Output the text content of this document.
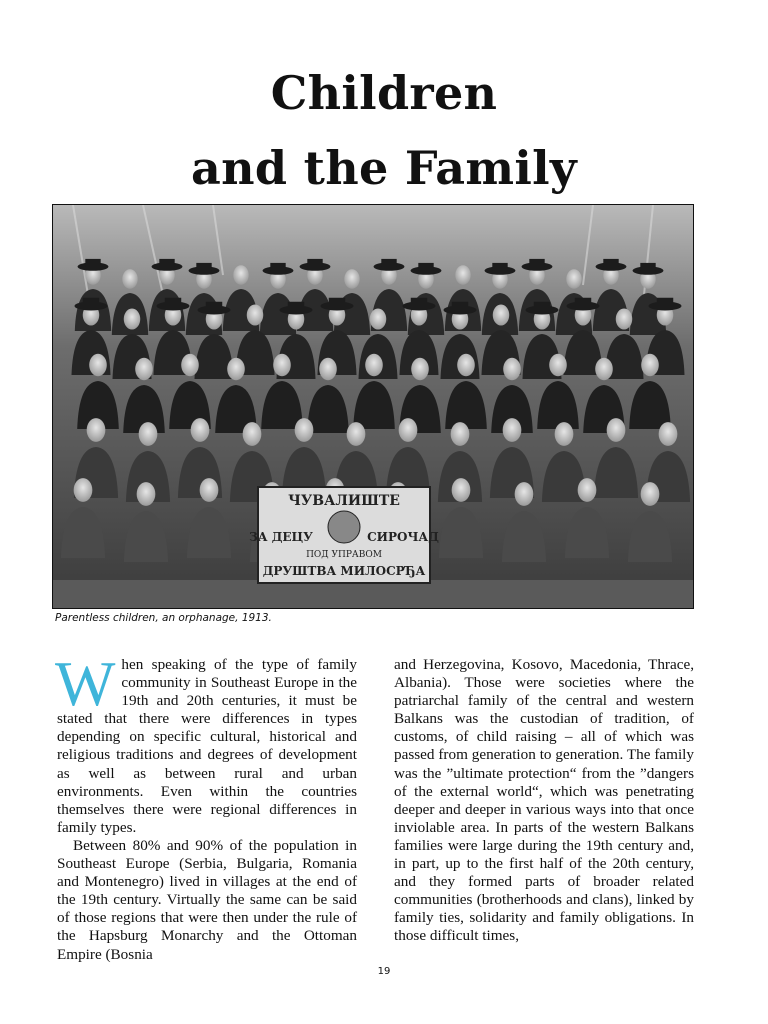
Children
and the Family
ЧУВАЛИШТЕ
ЗА ДЕЦУ	СИРОЧАД
ПОД УПРАВОМ
ДРУШТВА МИЛОСРЂА
Parentless children, an orphanage, 1913.

When speaking of the type of family community in Southeast Europe in the 19th and 20th centuries, it must be stated that there were differences in types depending on specific cultural, historical and religious traditions and degrees of development as well as between rural and urban environments. Even within the countries themselves there were regional differences in family types.

Between 80% and 90% of the population in Southeast Europe (Serbia, Bulgaria, Romania and Montenegro) lived in villages at the end of the 19th century. Virtually the same can be said of those regions that were then under the rule of the Hapsburg Monarchy and the Ottoman Empire (Bosnia

and Herzegovina, Kosovo, Macedonia, Thrace, Albania). Those were societies where the patriarchal family of the central and western Balkans was the custodian of tradition, of customs, of child raising – all of which was passed from generation to generation. The family was the ”ultimate protection“ from the ”dangers of the external world“, which was penetrating deeper and deeper in various ways into that once inviolable area. In parts of the western Balkans families were large during the 19th century and, in part, up to the first half of the 20th century, and they formed parts of broader related communities (brotherhoods and clans), linked by family ties, solidarity and family obligations. In those difficult times,

19
